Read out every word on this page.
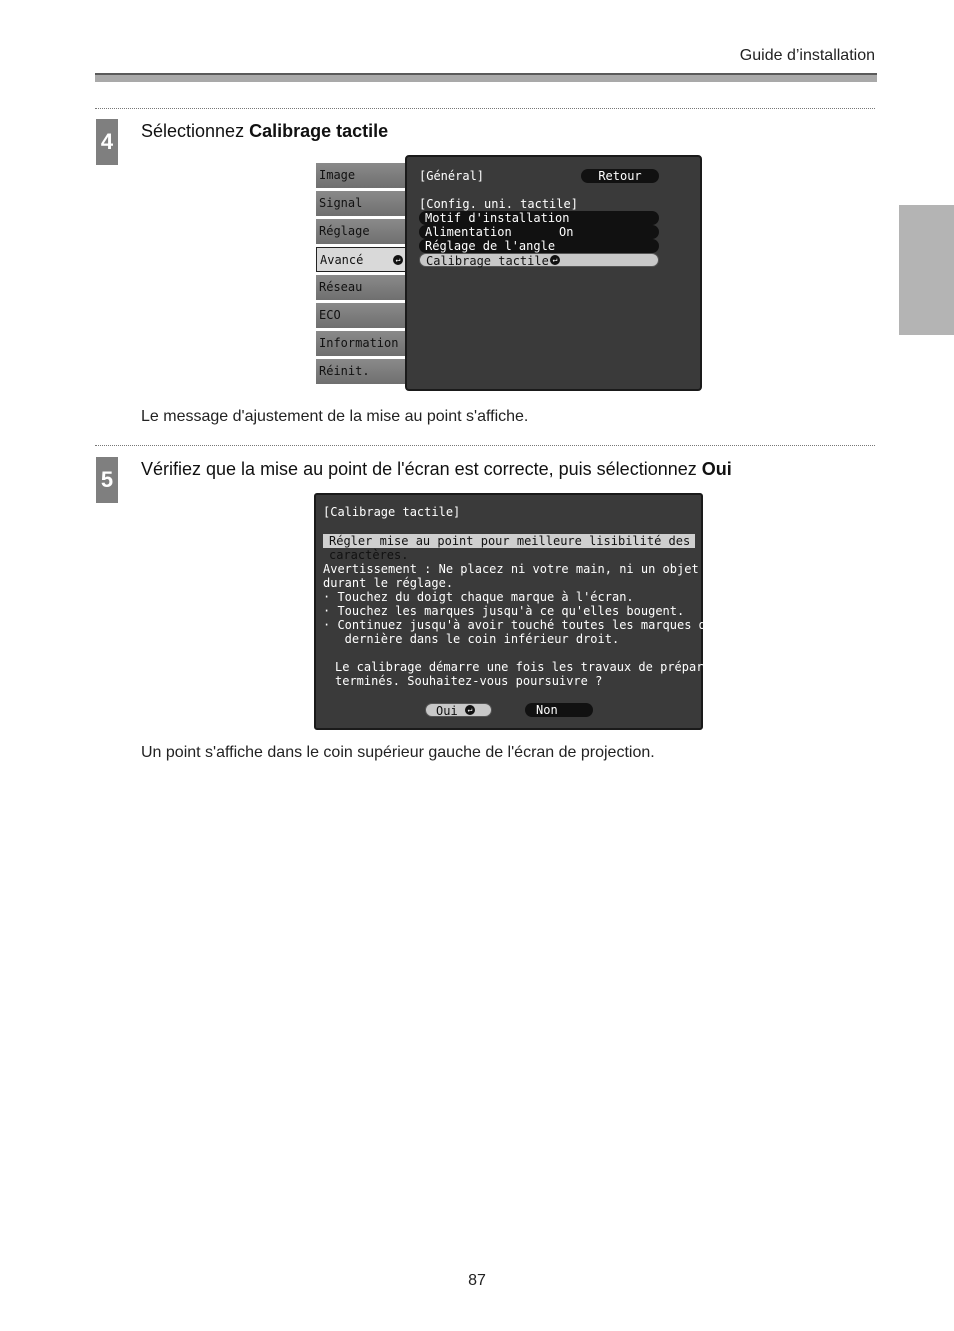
Guide d’installation
4 Sélectionnez Calibrage tactile
Image
Signal
Réglage
Avancé	↵
Réseau
ECO
Information
Réinit.
[Général]	Retour
[Config. uni. tactile]
Motif d'installation
Alimentation	On
Réglage de l'angle
Calibrage tactile ↵
Le message d'ajustement de la mise au point s'affiche.
5 Vérifiez que la mise au point de l'écran est correcte, puis sélectionnez Oui
[Calibrage tactile]
Régler mise au point pour meilleure lisibilité des caractères.
Avertissement : Ne placez ni votre main, ni un objet sur l'écran
durant le réglage.
· Touchez du doigt chaque marque à l'écran.
· Touchez les marques jusqu'à ce qu'elles bougent.
· Continuez jusqu'à avoir touché toutes les marques dont la
dernière dans le coin inférieur droit.
Le calibrage démarre une fois les travaux de préparation
terminés. Souhaitez-vous poursuivre ?
Oui	↵	Non
Un point s'affiche dans le coin supérieur gauche de l'écran de projection.
87
